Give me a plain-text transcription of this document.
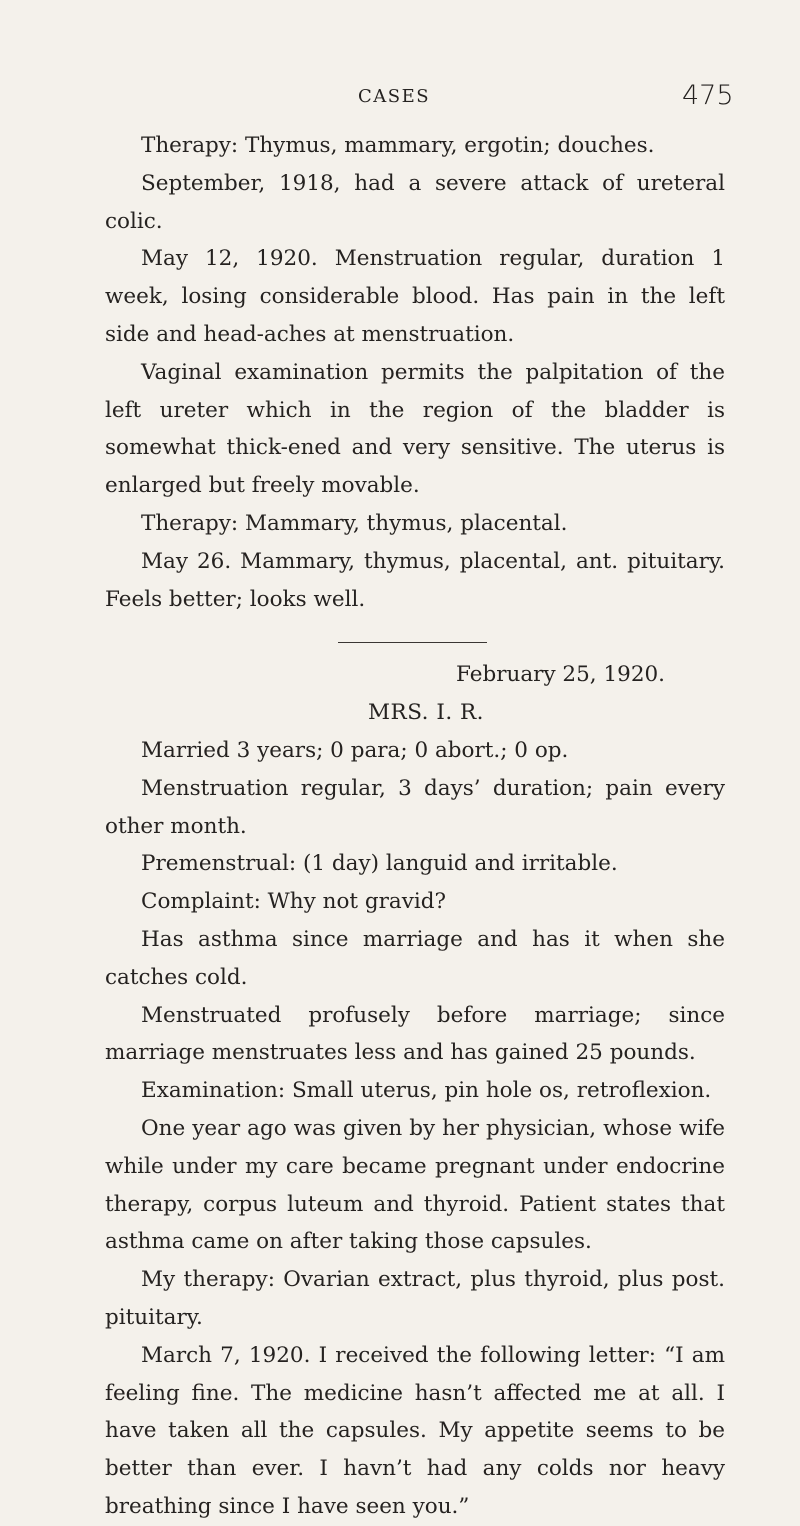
CASES	475

Therapy: Thymus, mammary, ergotin; douches.

September, 1918, had a severe attack of ureteral colic.

May 12, 1920. Menstruation regular, duration 1 week, losing considerable blood. Has pain in the left side and head-aches at menstruation.

Vaginal examination permits the palpitation of the left ureter which in the region of the bladder is somewhat thick-ened and very sensitive. The uterus is enlarged but freely movable.

Therapy: Mammary, thymus, placental.

May 26. Mammary, thymus, placental, ant. pituitary. Feels better; looks well.

February 25, 1920.

MRS. I. R.

Married 3 years; 0 para; 0 abort.; 0 op.

Menstruation regular, 3 days’ duration; pain every other month.

Premenstrual: (1 day) languid and irritable.

Complaint: Why not gravid?

Has asthma since marriage and has it when she catches cold.

Menstruated profusely before marriage; since marriage menstruates less and has gained 25 pounds.

Examination: Small uterus, pin hole os, retroflexion.

One year ago was given by her physician, whose wife while under my care became pregnant under endocrine therapy, corpus luteum and thyroid. Patient states that asthma came on after taking those capsules.

My therapy: Ovarian extract, plus thyroid, plus post. pituitary.

March 7, 1920. I received the following letter: “I am feeling fine. The medicine hasn’t affected me at all. I have taken all the capsules. My appetite seems to be better than ever. I havn’t had any colds nor heavy breathing since I have seen you.”
